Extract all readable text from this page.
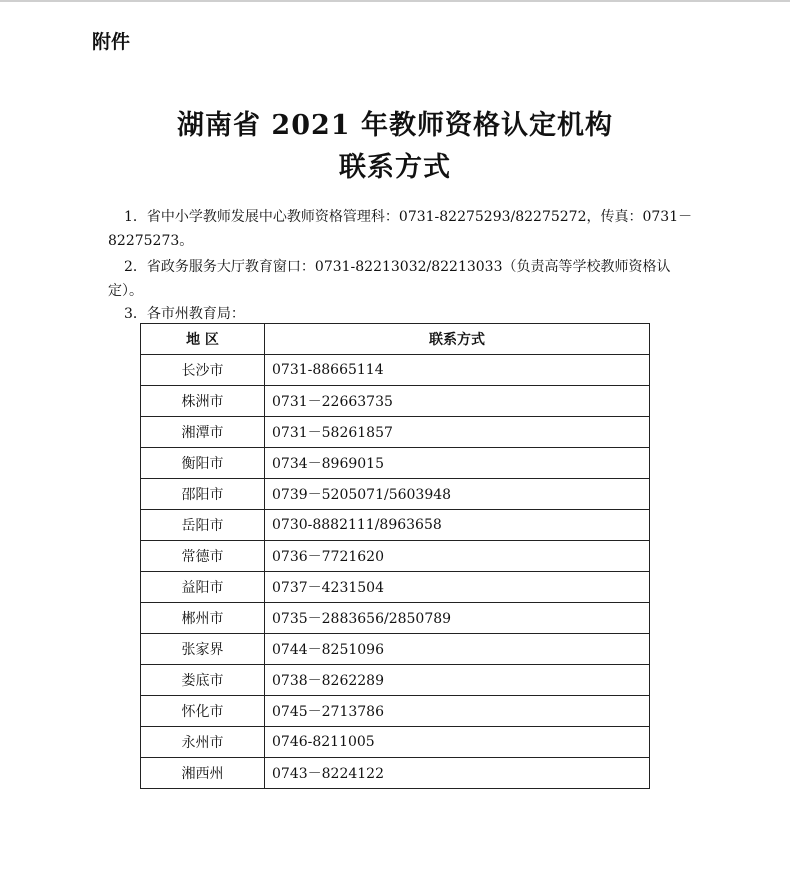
附件
湖南省 2021 年教师资格认定机构
联系方式
1．省中小学教师发展中心教师资格管理科：0731-82275293/82275272，传真：0731－82275273。
2．省政务服务大厅教育窗口：0731-82213032/82213033（负责高等学校教师资格认定）。
3．各市州教育局：
地 区	联系方式
长沙市	0731-88665114
株洲市	0731－22663735
湘潭市	0731－58261857
衡阳市	0734－8969015
邵阳市	0739－5205071/5603948
岳阳市	0730-8882111/8963658
常德市	0736－7721620
益阳市	0737－4231504
郴州市	0735－2883656/2850789
张家界	0744－8251096
娄底市	0738－8262289
怀化市	0745－2713786
永州市	0746-8211005
湘西州	0743－8224122
